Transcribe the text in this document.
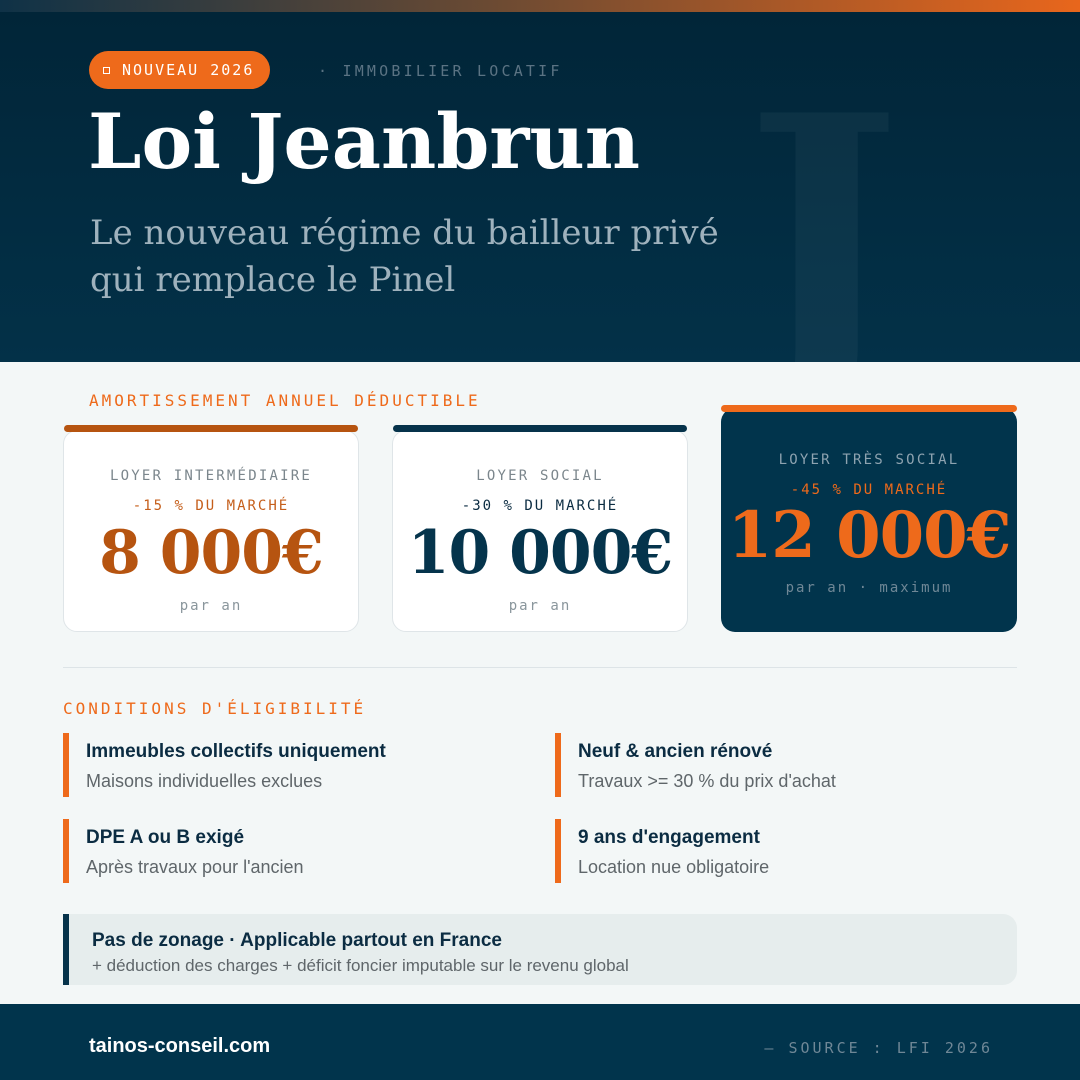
NOUVEAU 2026	· IMMOBILIER LOCATIF
Loi Jeanbrun
Le nouveau régime du bailleur privé
qui remplace le Pinel
AMORTISSEMENT ANNUEL DÉDUCTIBLE
LOYER INTERMÉDIAIRE
-15 % DU MARCHÉ
8 000€
par an
LOYER SOCIAL
-30 % DU MARCHÉ
10 000€
par an
LOYER TRÈS SOCIAL
-45 % DU MARCHÉ
12 000€
par an · maximum
CONDITIONS D'ÉLIGIBILITÉ
Immeubles collectifs uniquement
Maisons individuelles exclues
Neuf & ancien rénové
Travaux >= 30 % du prix d'achat
DPE A ou B exigé
Après travaux pour l'ancien
9 ans d'engagement
Location nue obligatoire
Pas de zonage · Applicable partout en France
+ déduction des charges + déficit foncier imputable sur le revenu global
tainos-conseil.com	— SOURCE : LFI 2026
